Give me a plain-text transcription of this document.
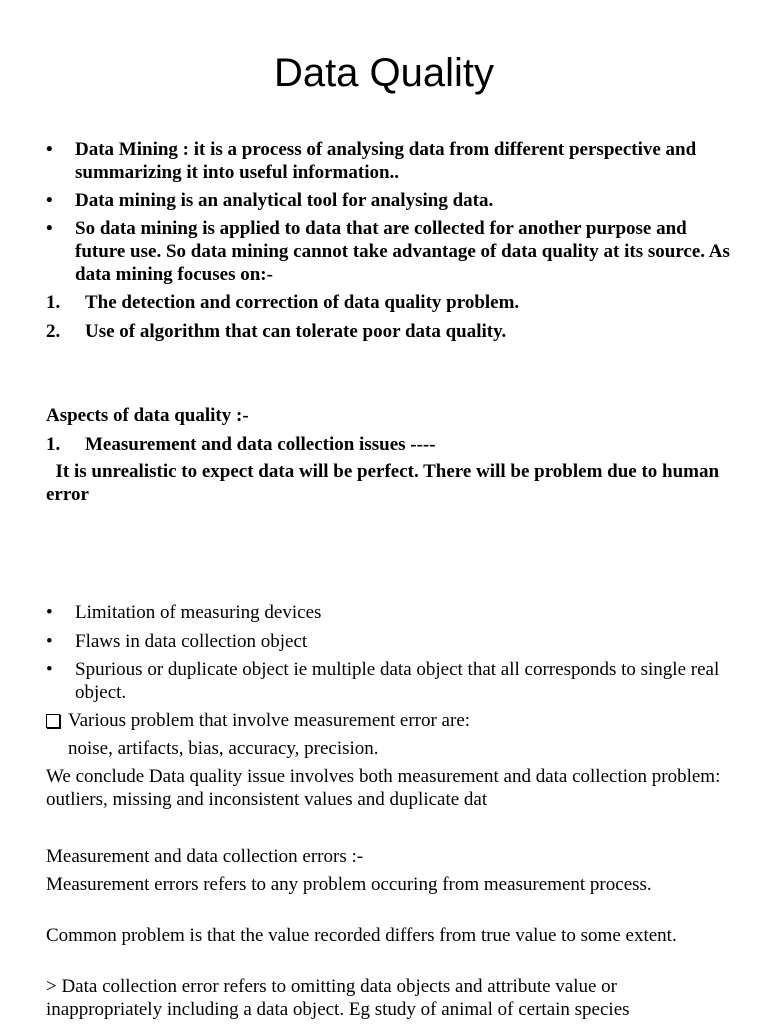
Data Quality
•	Data Mining : it is a process of analysing data from different perspective and summarizing it into useful information..
•	Data mining is an analytical tool for analysing data.
•	So data mining is applied to data that are collected for another purpose and future use. So data mining cannot take advantage of data quality at its source. As data mining focuses on:-
1.	The detection and correction of data quality problem.
2.	Use of algorithm that can tolerate poor data quality.
Aspects of data quality :-
1.	Measurement and data collection issues ----
It is unrealistic to expect data will be perfect. There will be problem due to human error
•	Limitation of measuring devices
•	Flaws in data collection object
•	Spurious or duplicate object ie multiple data object that all corresponds to single real object.
Various problem that involve measurement error are:
noise, artifacts, bias, accuracy, precision.
We conclude Data quality issue involves both measurement and data collection problem: outliers, missing and inconsistent values and duplicate dat
Measurement and data collection errors :-
Measurement errors refers to any problem occuring from measurement process.
Common problem is that the value recorded differs from true value to some extent.
> Data collection error refers to omitting data objects and attribute value or inappropriately including a data object. Eg study of animal of certain species
